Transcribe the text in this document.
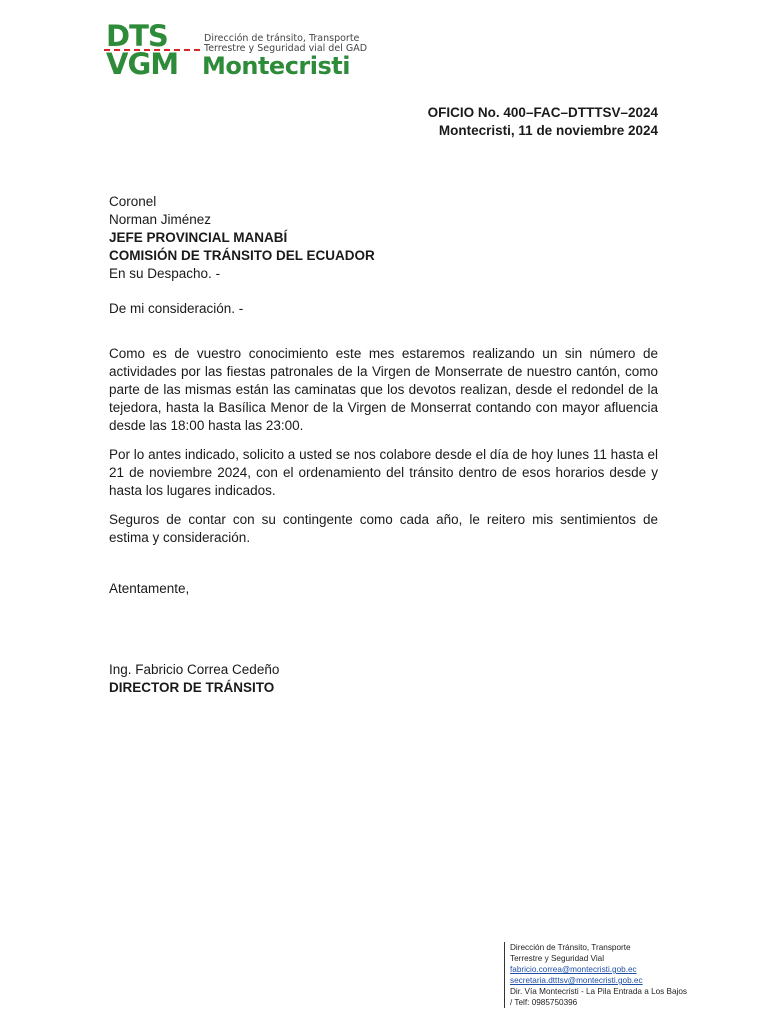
DTS
VGM
Dirección de tránsito, Transporte
Terrestre y Seguridad vial del GAD
Montecristi
OFICIO No. 400–FAC–DTTTSV–2024
Montecristi, 11 de noviembre 2024
Coronel
Norman Jiménez
JEFE PROVINCIAL MANABÍ
COMISIÓN DE TRÁNSITO DEL ECUADOR
En su Despacho. -
De mi consideración. -

Como es de vuestro conocimiento este mes estaremos realizando un sin número de actividades por las fiestas patronales de la Virgen de Monserrate de nuestro cantón, como parte de las mismas están las caminatas que los devotos realizan, desde el redondel de la tejedora, hasta la Basílica Menor de la Virgen de Monserrat contando con mayor afluencia desde las 18:00 hasta las 23:00.

Por lo antes indicado, solicito a usted se nos colabore desde el día de hoy lunes 11 hasta el 21 de noviembre 2024, con el ordenamiento del tránsito dentro de esos horarios desde y hasta los lugares indicados.

Seguros de contar con su contingente como cada año, le reitero mis sentimientos de estima y consideración.

Atentamente,
Ing. Fabricio Correa Cedeño
DIRECTOR DE TRÁNSITO
Dirección de Tránsito, Transporte
Terrestre y Seguridad Vial
fabricio.correa@montecristi.gob.ec
secretaria.dtttsv@montecristi.gob.ec
Dir. Vía Montecristi - La Pila Entrada a Los Bajos / Telf: 0985750396
